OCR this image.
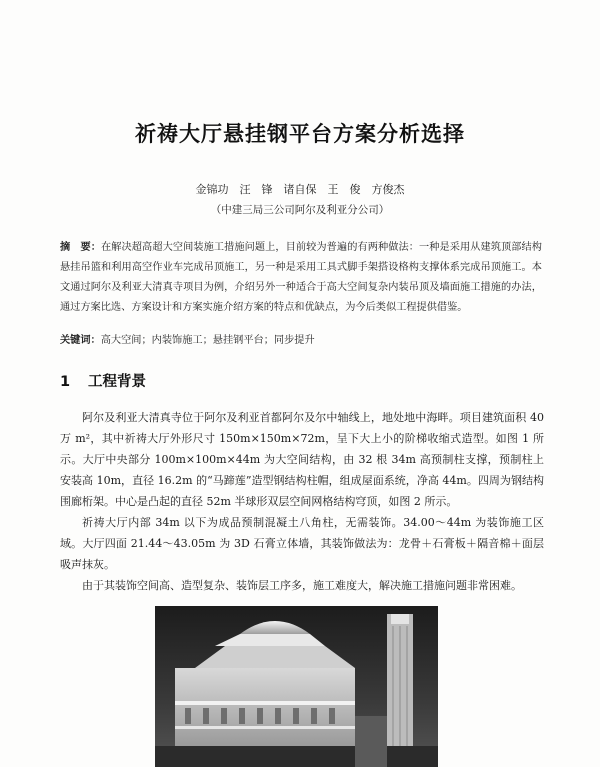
祈祷大厅悬挂钢平台方案分析选择
金锦功　汪　锋　诸自保　王　俊　方俊杰
（中建三局三公司阿尔及利亚分公司）
摘　要：在解决超高超大空间装施工措施问题上，目前较为普遍的有两种做法：一种是采用从建筑顶部结构悬挂吊篮和利用高空作业车完成吊顶施工，另一种是采用工具式脚手架搭设格构支撑体系完成吊顶施工。本文通过阿尔及利亚大清真寺项目为例，介绍另外一种适合于高大空间复杂内装吊顶及墙面施工措施的办法，通过方案比选、方案设计和方案实施介绍方案的特点和优缺点，为今后类似工程提供借鉴。
关键词：高大空间；内装饰施工；悬挂钢平台；同步提升
1 工程背景

阿尔及利亚大清真寺位于阿尔及利亚首都阿尔及尔中轴线上，地处地中海畔。项目建筑面积 40 万 m²，其中祈祷大厅外形尺寸 150m×150m×72m，呈下大上小的阶梯收缩式造型。如图 1 所示。大厅中央部分 100m×100m×44m 为大空间结构，由 32 根 34m 高预制柱支撑，预制柱上安装高 10m，直径 16.2m 的“马蹄莲”造型钢结构柱帽，组成屋面系统，净高 44m。四周为钢结构围廊桁架。中心是凸起的直径 52m 半球形双层空间网格结构穹顶，如图 2 所示。

祈祷大厅内部 34m 以下为成品预制混凝土八角柱，无需装饰。34.00～44m 为装饰施工区域。大厅四面 21.44～43.05m 为 3D 石膏立体墙，其装饰做法为：龙骨＋石膏板＋隔音棉＋面层吸声抹灰。

由于其装饰空间高、造型复杂、装饰层工序多，施工难度大，解决施工措施问题非常困难。
